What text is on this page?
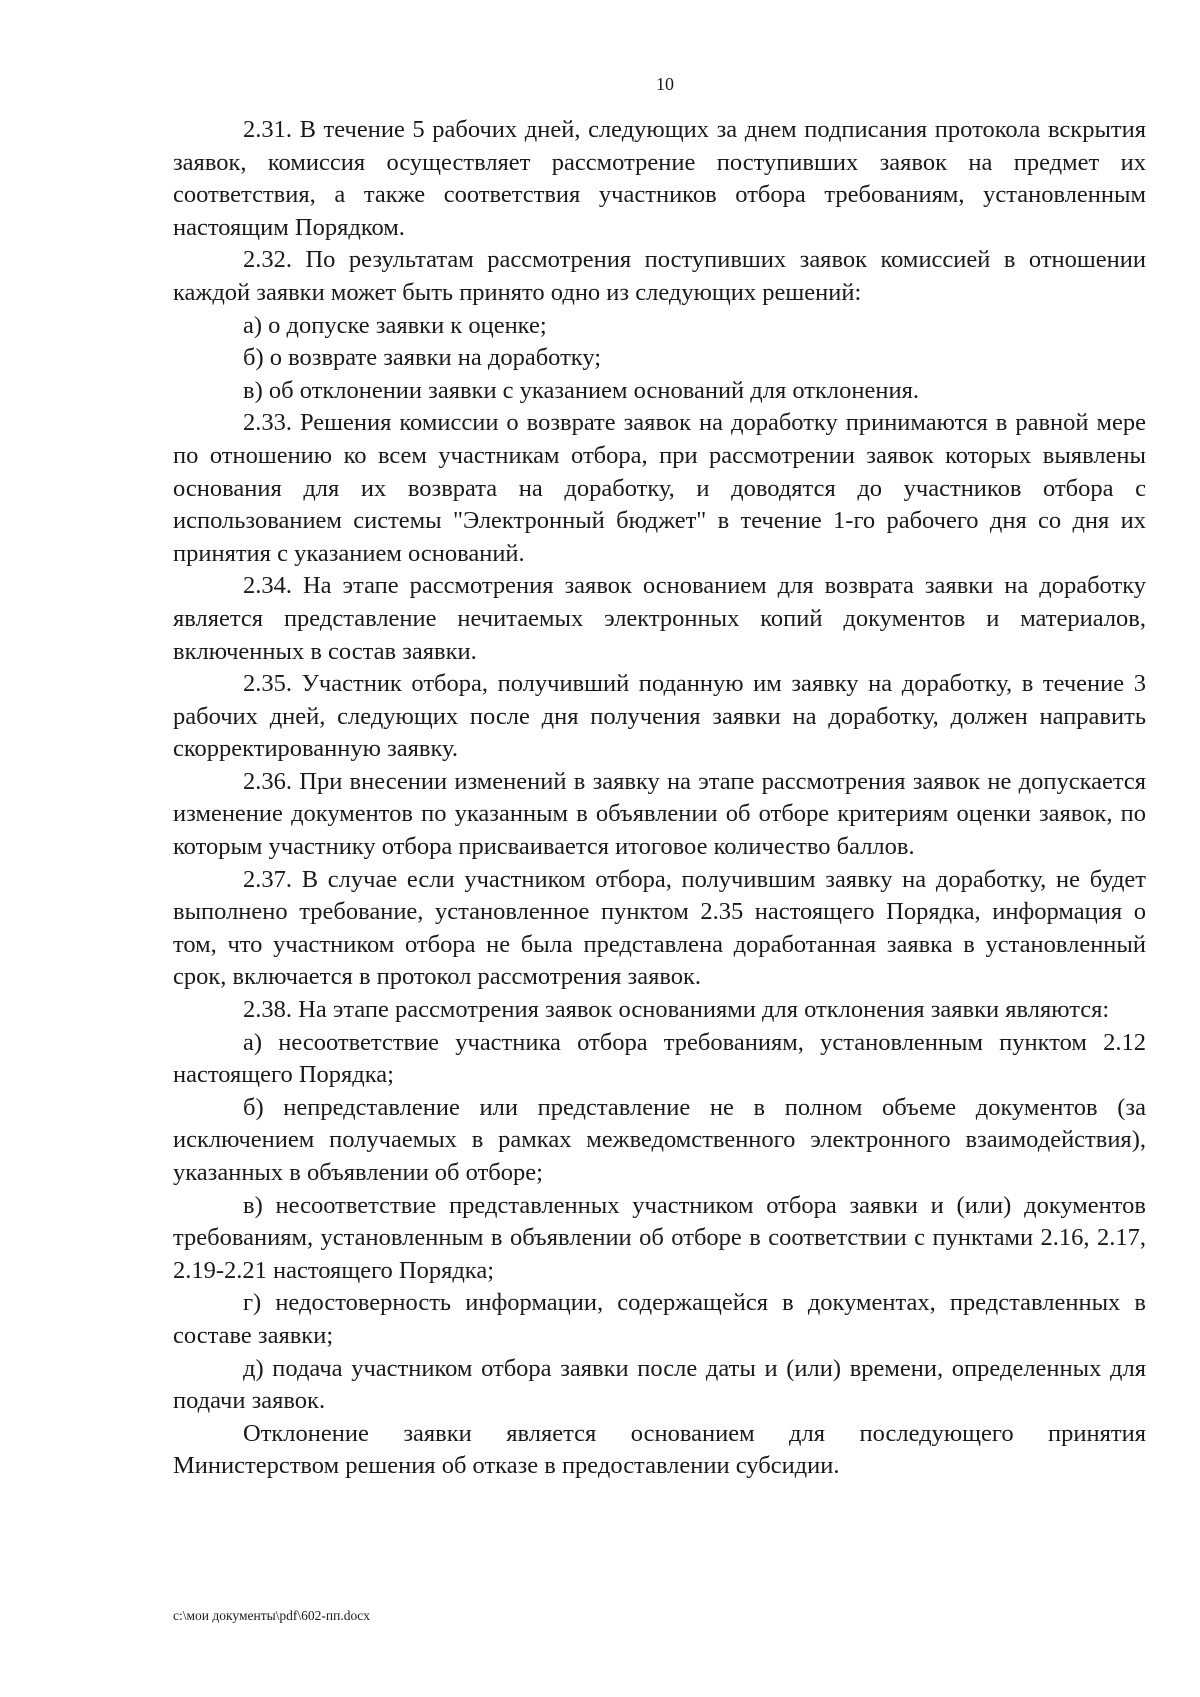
10

2.31. В течение 5 рабочих дней, следующих за днем подписания протокола вскрытия заявок, комиссия осуществляет рассмотрение поступивших заявок на предмет их соответствия, а также соответствия участников отбора требованиям, установленным настоящим Порядком.

2.32. По результатам рассмотрения поступивших заявок комиссией в отношении каждой заявки может быть принято одно из следующих решений:

а) о допуске заявки к оценке;

б) о возврате заявки на доработку;

в) об отклонении заявки с указанием оснований для отклонения.

2.33. Решения комиссии о возврате заявок на доработку принимаются в равной мере по отношению ко всем участникам отбора, при рассмотрении заявок которых выявлены основания для их возврата на доработку, и доводятся до участников отбора с использованием системы "Электронный бюджет" в течение 1-го рабочего дня со дня их принятия с указанием оснований.

2.34. На этапе рассмотрения заявок основанием для возврата заявки на доработку является представление нечитаемых электронных копий документов и материалов, включенных в состав заявки.

2.35. Участник отбора, получивший поданную им заявку на доработку, в течение 3 рабочих дней, следующих после дня получения заявки на доработку, должен направить скорректированную заявку.

2.36. При внесении изменений в заявку на этапе рассмотрения заявок не допускается изменение документов по указанным в объявлении об отборе критериям оценки заявок, по которым участнику отбора присваивается итоговое количество баллов.

2.37. В случае если участником отбора, получившим заявку на доработку, не будет выполнено требование, установленное пунктом 2.35 настоящего Порядка, информация о том, что участником отбора не была представлена доработанная заявка в установленный срок, включается в протокол рассмотрения заявок.

2.38. На этапе рассмотрения заявок основаниями для отклонения заявки являются:

а) несоответствие участника отбора требованиям, установленным пунктом 2.12 настоящего Порядка;

б) непредставление или представление не в полном объеме документов (за исключением получаемых в рамках межведомственного электронного взаимодействия), указанных в объявлении об отборе;

в) несоответствие представленных участником отбора заявки и (или) документов требованиям, установленным в объявлении об отборе в соответствии с пунктами 2.16, 2.17, 2.19-2.21 настоящего Порядка;

г) недостоверность информации, содержащейся в документах, представленных в составе заявки;

д) подача участником отбора заявки после даты и (или) времени, определенных для подачи заявок.

Отклонение заявки является основанием для последующего принятия Министерством решения об отказе в предоставлении субсидии.

c:\мои документы\pdf\602-пп.docx
